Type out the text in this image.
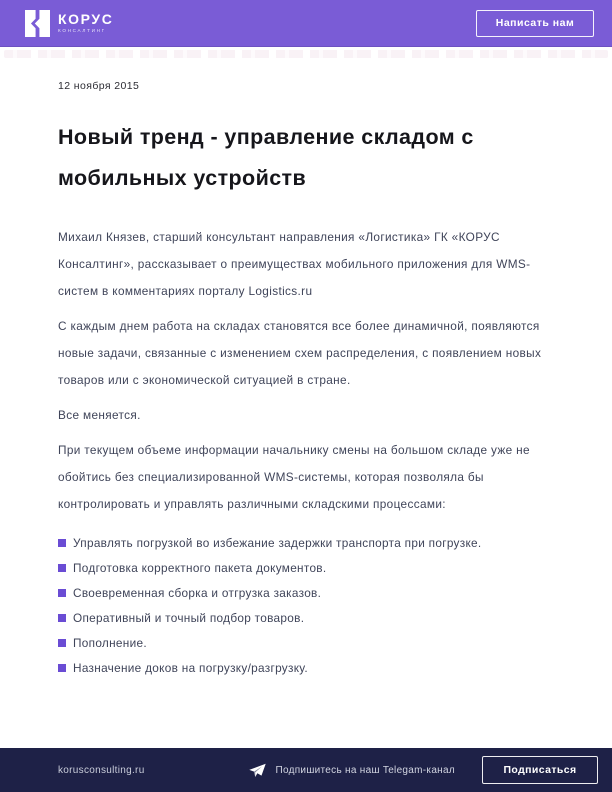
КОРУС
КОНСАЛТИНГ
Написать нам
12 ноября 2015
Новый тренд - управление складом с мобильных устройств

Михаил Князев, старший консультант направления «Логистика» ГК «КОРУС Консалтинг», рассказывает о преимуществах мобильного приложения для WMS-систем в комментариях порталу Logistics.ru

С каждым днем работа на складах становятся все более динамичной, появляются новые задачи, связанные с изменением схем распределения, с появлением новых товаров или с экономической ситуацией в стране.

Все меняется.

При текущем объеме информации начальнику смены на большом складе уже не обойтись без специализированной WMS-системы, которая позволяла бы контролировать и управлять различными складскими процессами:

Управлять погрузкой во избежание задержки транспорта при погрузке.
Подготовка корректного пакета документов.
Своевременная сборка и отгрузка заказов.
Оперативный и точный подбор товаров.
Пополнение.
Назначение доков на погрузку/разгрузку.
korusconsulting.ru	Подпишитесь на наш Telegam-канал	Подписаться
